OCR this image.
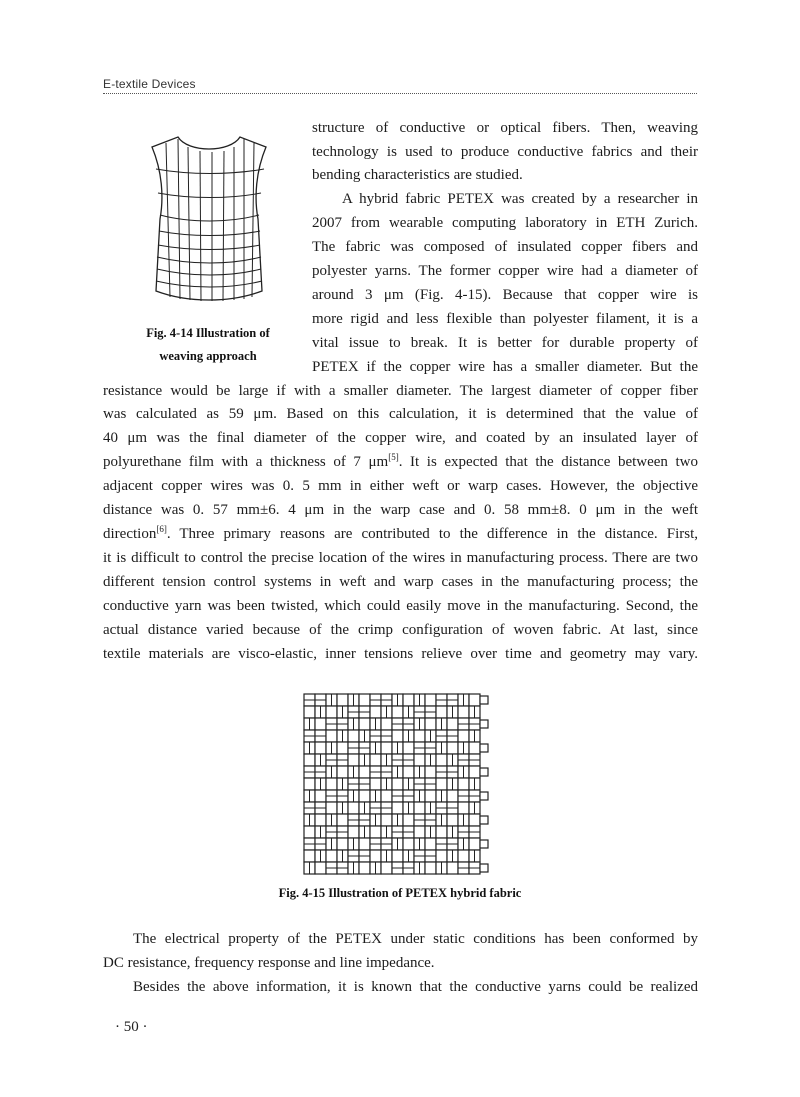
E-textile Devices
Fig. 4-14 Illustration of
weaving approach
structure of conductive or optical fibers. Then, weaving
technology is used to produce conductive fabrics and their
bending characteristics are studied.
A hybrid fabric PETEX was created by a researcher in
2007 from wearable computing laboratory in ETH Zurich.
The fabric was composed of insulated copper fibers and
polyester yarns. The former copper wire had a diameter of
around 3 μm (Fig. 4-15). Because that copper wire is
more rigid and less flexible than polyester filament, it is a
vital issue to break. It is better for durable property of
PETEX if the copper wire has a smaller diameter. But the
resistance would be large if with a smaller diameter. The largest diameter of copper fiber
was calculated as 59 μm. Based on this calculation, it is determined that the value of
40 μm was the final diameter of the copper wire, and coated by an insulated layer of
polyurethane film with a thickness of 7 μm[5]. It is expected that the distance between two
adjacent copper wires was 0. 5 mm in either weft or warp cases. However, the objective
distance was 0. 57 mm±6. 4 μm in the warp case and 0. 58 mm±8. 0 μm in the weft
direction[6]. Three primary reasons are contributed to the difference in the distance. First,
it is difficult to control the precise location of the wires in manufacturing process. There are two
different tension control systems in weft and warp cases in the manufacturing process; the
conductive yarn was been twisted, which could easily move in the manufacturing. Second, the
actual distance varied because of the crimp configuration of woven fabric. At last, since
textile materials are visco-elastic, inner tensions relieve over time and geometry may vary.
Fig. 4-15 Illustration of PETEX hybrid fabric
The electrical property of the PETEX under static conditions has been conformed by
DC resistance, frequency response and line impedance.
Besides the above information, it is known that the conductive yarns could be realized
· 50 ·
